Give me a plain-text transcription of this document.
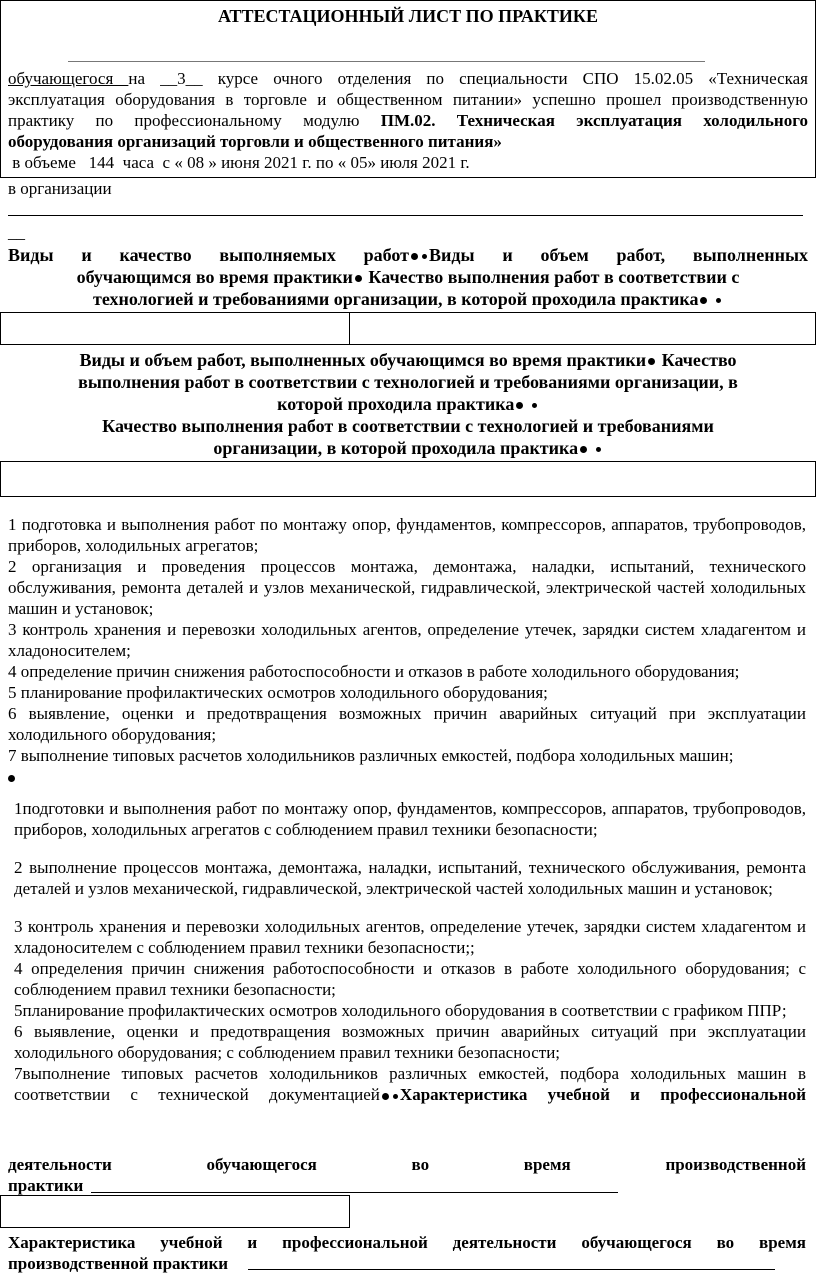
АТТЕСТАЦИОННЫЙ ЛИСТ ПО ПРАКТИКЕ

обучающегося на __3__ курсе очного отделения по специальности СПО 15.02.05 «Техническая

эксплуатация оборудования в торговле и общественном питании» успешно прошел производственную

практику по профессиональному модулю ПМ.02. Техническая эксплуатация холодильного

оборудования организаций торговли и общественного питания»

в объеме   144  часа  с « 08 » июня 2021 г. по « 05» июля 2021 г.

в организации
__

Виды и качество выполняемых работ Виды и объем работ, выполненных

обучающимся во время практики Качество выполнения работ в соответствии с

технологией и требованиями организации, в которой проходила практика

Виды и объем работ, выполненных обучающимся во время практики Качество

выполнения работ в соответствии с технологией и требованиями организации, в

которой проходила практика

Качество выполнения работ в соответствии с технологией и требованиями

организации, в которой проходила практика

1 подготовка и выполнения работ по монтажу опор, фундаментов, компрессоров, аппаратов, трубопроводов, приборов, холодильных агрегатов;

2 организация и проведения процессов монтажа, демонтажа, наладки, испытаний, технического обслуживания, ремонта деталей и узлов механической, гидравлической, электрической частей холодильных машин и установок;

3 контроль хранения и перевозки холодильных агентов, определение утечек, зарядки систем хладагентом и хладоносителем;

4 определение причин снижения работоспособности и отказов в работе холодильного оборудования;

5 планирование профилактических осмотров холодильного оборудования;

6 выявление, оценки и предотвращения возможных причин аварийных ситуаций при эксплуатации холодильного оборудования;

7 выполнение типовых расчетов холодильников различных емкостей, подбора холодильных машин;

1подготовки и выполнения работ по монтажу опор, фундаментов, компрессоров, аппаратов, трубопроводов, приборов, холодильных агрегатов с соблюдением правил техники безопасности;

2 выполнение процессов монтажа, демонтажа, наладки, испытаний, технического обслуживания, ремонта деталей и узлов механической, гидравлической, электрической частей холодильных машин и установок;

3 контроль хранения и перевозки холодильных агентов, определение утечек, зарядки систем хладагентом и хладоносителем с соблюдением правил техники безопасности;;

4 определения причин снижения работоспособности и отказов в работе холодильного оборудования; с соблюдением правил техники безопасности;

5планирование профилактических осмотров холодильного оборудования в соответствии с графиком ППР;

6 выявление, оценки и предотвращения возможных причин аварийных ситуаций при эксплуатации холодильного оборудования; с соблюдением правил техники безопасности;

7выполнение типовых расчетов холодильников различных емкостей, подбора холодильных машин в соответствии с технической документацией Характеристика учебной и профессиональной

деятельности обучающегося во время производственной

практики

Характеристика учебной и профессиональной деятельности обучающегося во время

производственной практики
